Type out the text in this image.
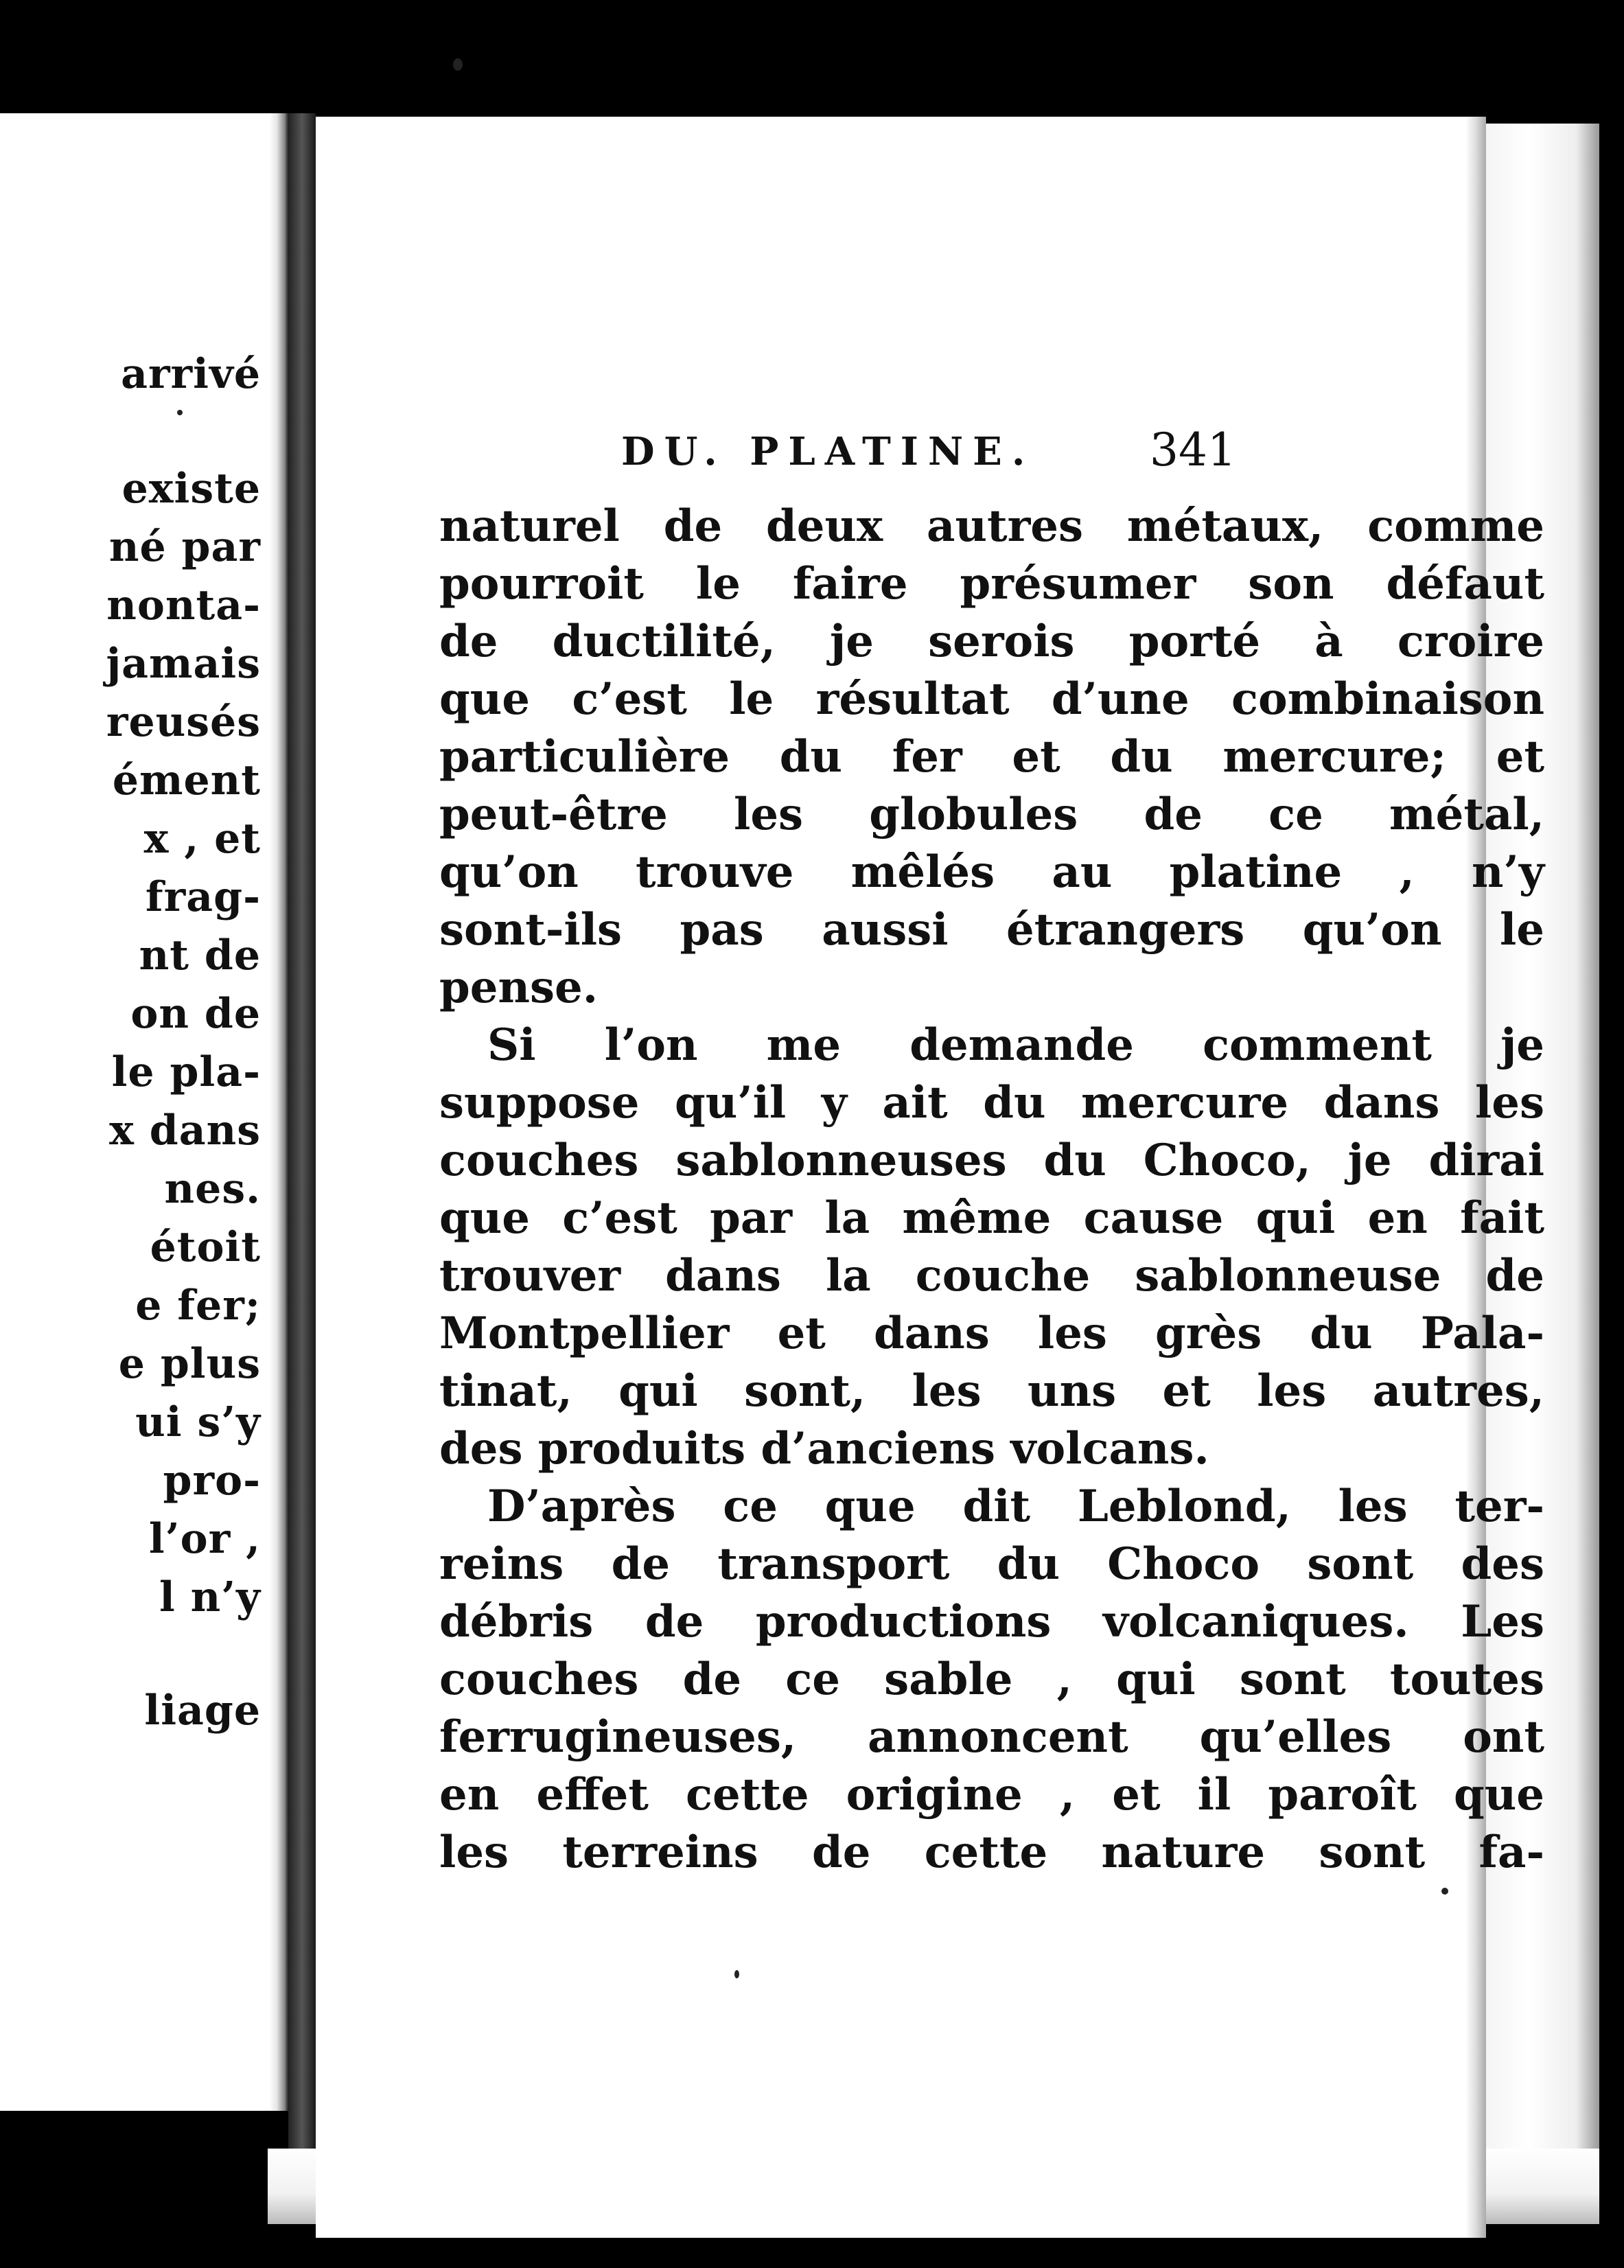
arrivé
existe
né par
nonta-
jamais
reusés
ément
x , et
frag-
nt de
on de
le pla-
x dans
nes.
étoit
e fer;
e plus
ui s’y
pro-
l’or ,
l n’y
liage
DU. PLATINE.	341
naturel de deux autres métaux, comme
pourroit le faire présumer son défaut
de ductilité, je serois porté à croire
que c’est le résultat d’une combinaison
particulière du fer et du mercure; et
peut-être les globules de ce métal,
qu’on trouve mêlés au platine , n’y
sont-ils pas aussi étrangers qu’on le
pense.
Si l’on me demande comment je
suppose qu’il y ait du mercure dans les
couches sablonneuses du Choco, je dirai
que c’est par la même cause qui en fait
trouver dans la couche sablonneuse de
Montpellier et dans les grès du Pala-
tinat, qui sont, les uns et les autres,
des produits d’anciens volcans.
D’après ce que dit Leblond, les ter-
reins de transport du Choco sont des
débris de productions volcaniques. Les
couches de ce sable , qui sont toutes
ferrugineuses, annoncent qu’elles ont
en effet cette origine , et il paroît que
les terreins de cette nature sont fa-
